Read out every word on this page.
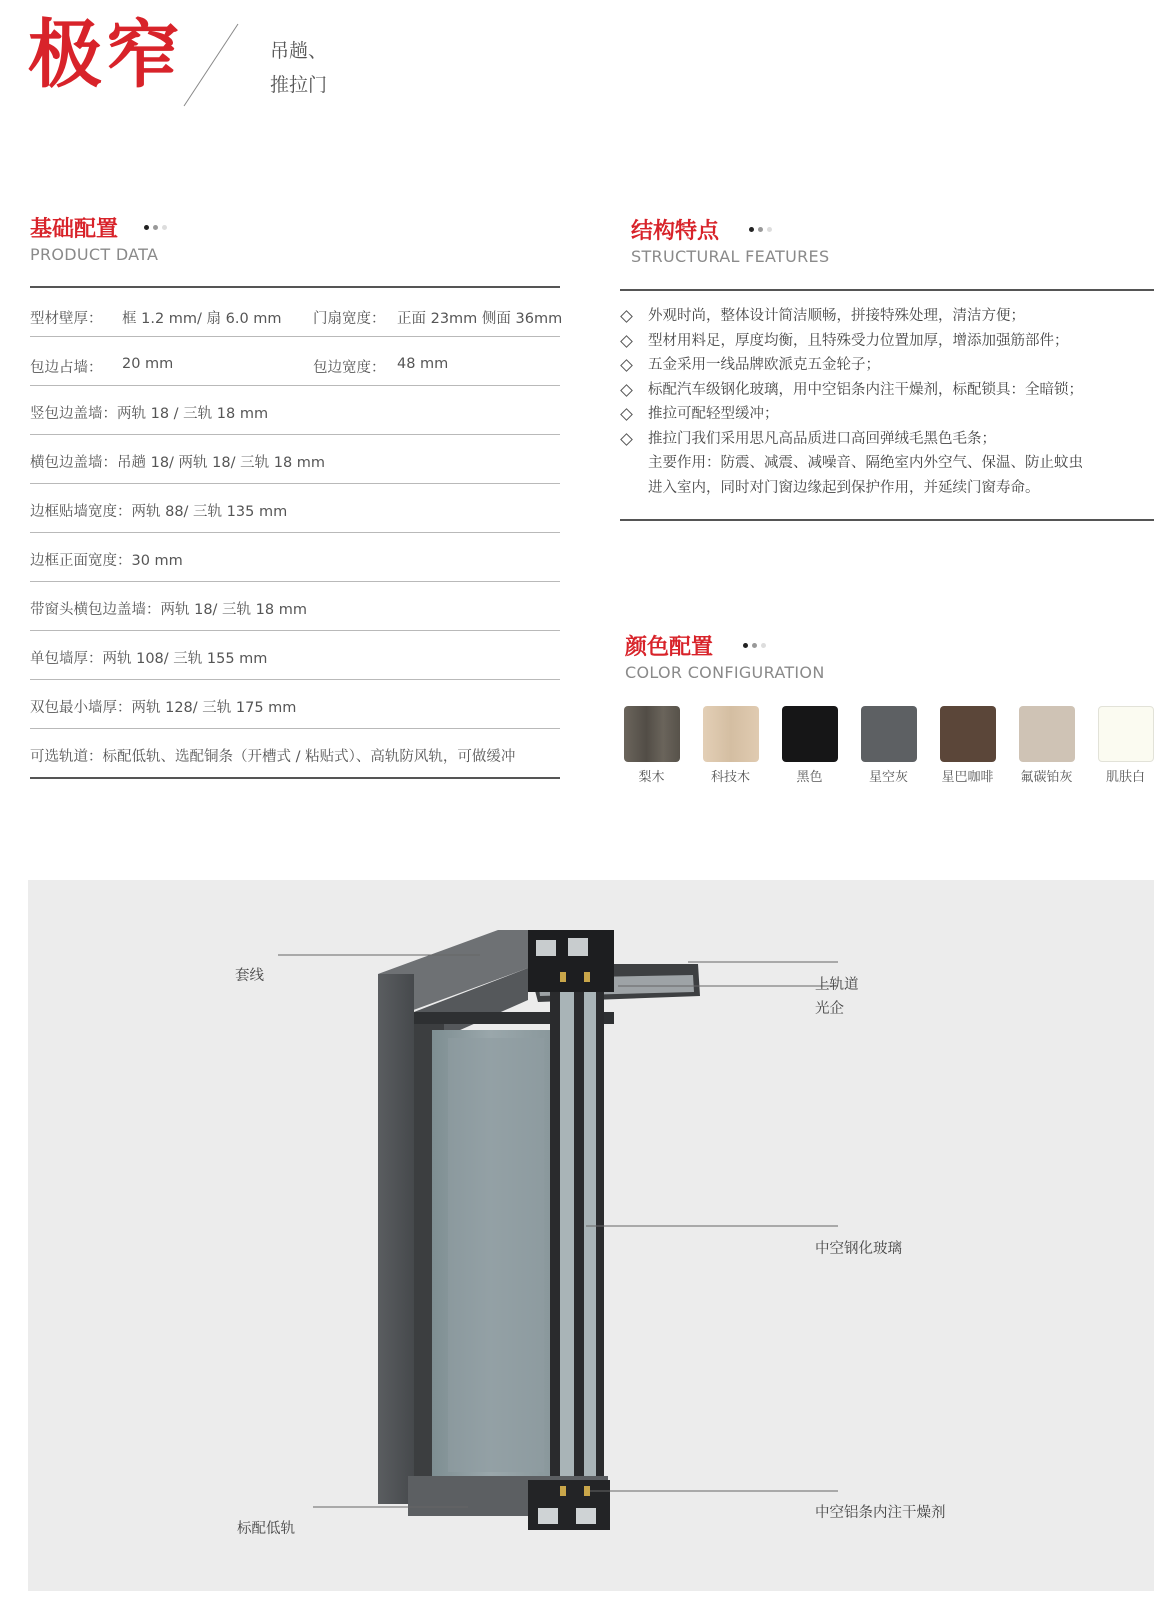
极窄	吊趟、
推拉门
基础配置
PRODUCT DATA
型材壁厚： 框 1.2 mm/ 扇 6.0 mm 门扇宽度： 正面 23mm 侧面 36mm
包边占墙： 20 mm	包边宽度： 48 mm
竖包边盖墙：两轨 18 / 三轨 18 mm
横包边盖墙：吊趟 18/ 两轨 18/ 三轨 18 mm
边框贴墙宽度：两轨 88/ 三轨 135 mm
边框正面宽度：30 mm
带窗头横包边盖墙：两轨 18/ 三轨 18 mm
单包墙厚：两轨 108/ 三轨 155 mm
双包最小墙厚：两轨 128/ 三轨 175 mm
可选轨道：标配低轨、选配铜条（开槽式 / 粘贴式）、高轨防风轨，可做缓冲
结构特点
STRUCTURAL FEATURES
外观时尚，整体设计简洁顺畅，拼接特殊处理，清洁方便；
型材用料足，厚度均衡，且特殊受力位置加厚，增添加强筋部件；
五金采用一线品牌欧派克五金轮子；
标配汽车级钢化玻璃，用中空铝条内注干燥剂，标配锁具：全暗锁；
推拉可配轻型缓冲；
推拉门我们采用思凡高品质进口高回弹绒毛黑色毛条；
主要作用：防震、减震、减噪音、隔绝室内外空气、保温、防止蚊虫
进入室内，同时对门窗边缘起到保护作用，并延续门窗寿命。
颜色配置
COLOR CONFIGURATION
梨木	科技木	黑色	星空灰	星巴咖啡	氟碳铂灰	肌肤白
套线
上轨道
光企
中空钢化玻璃
标配低轨
中空铝条内注干燥剂
